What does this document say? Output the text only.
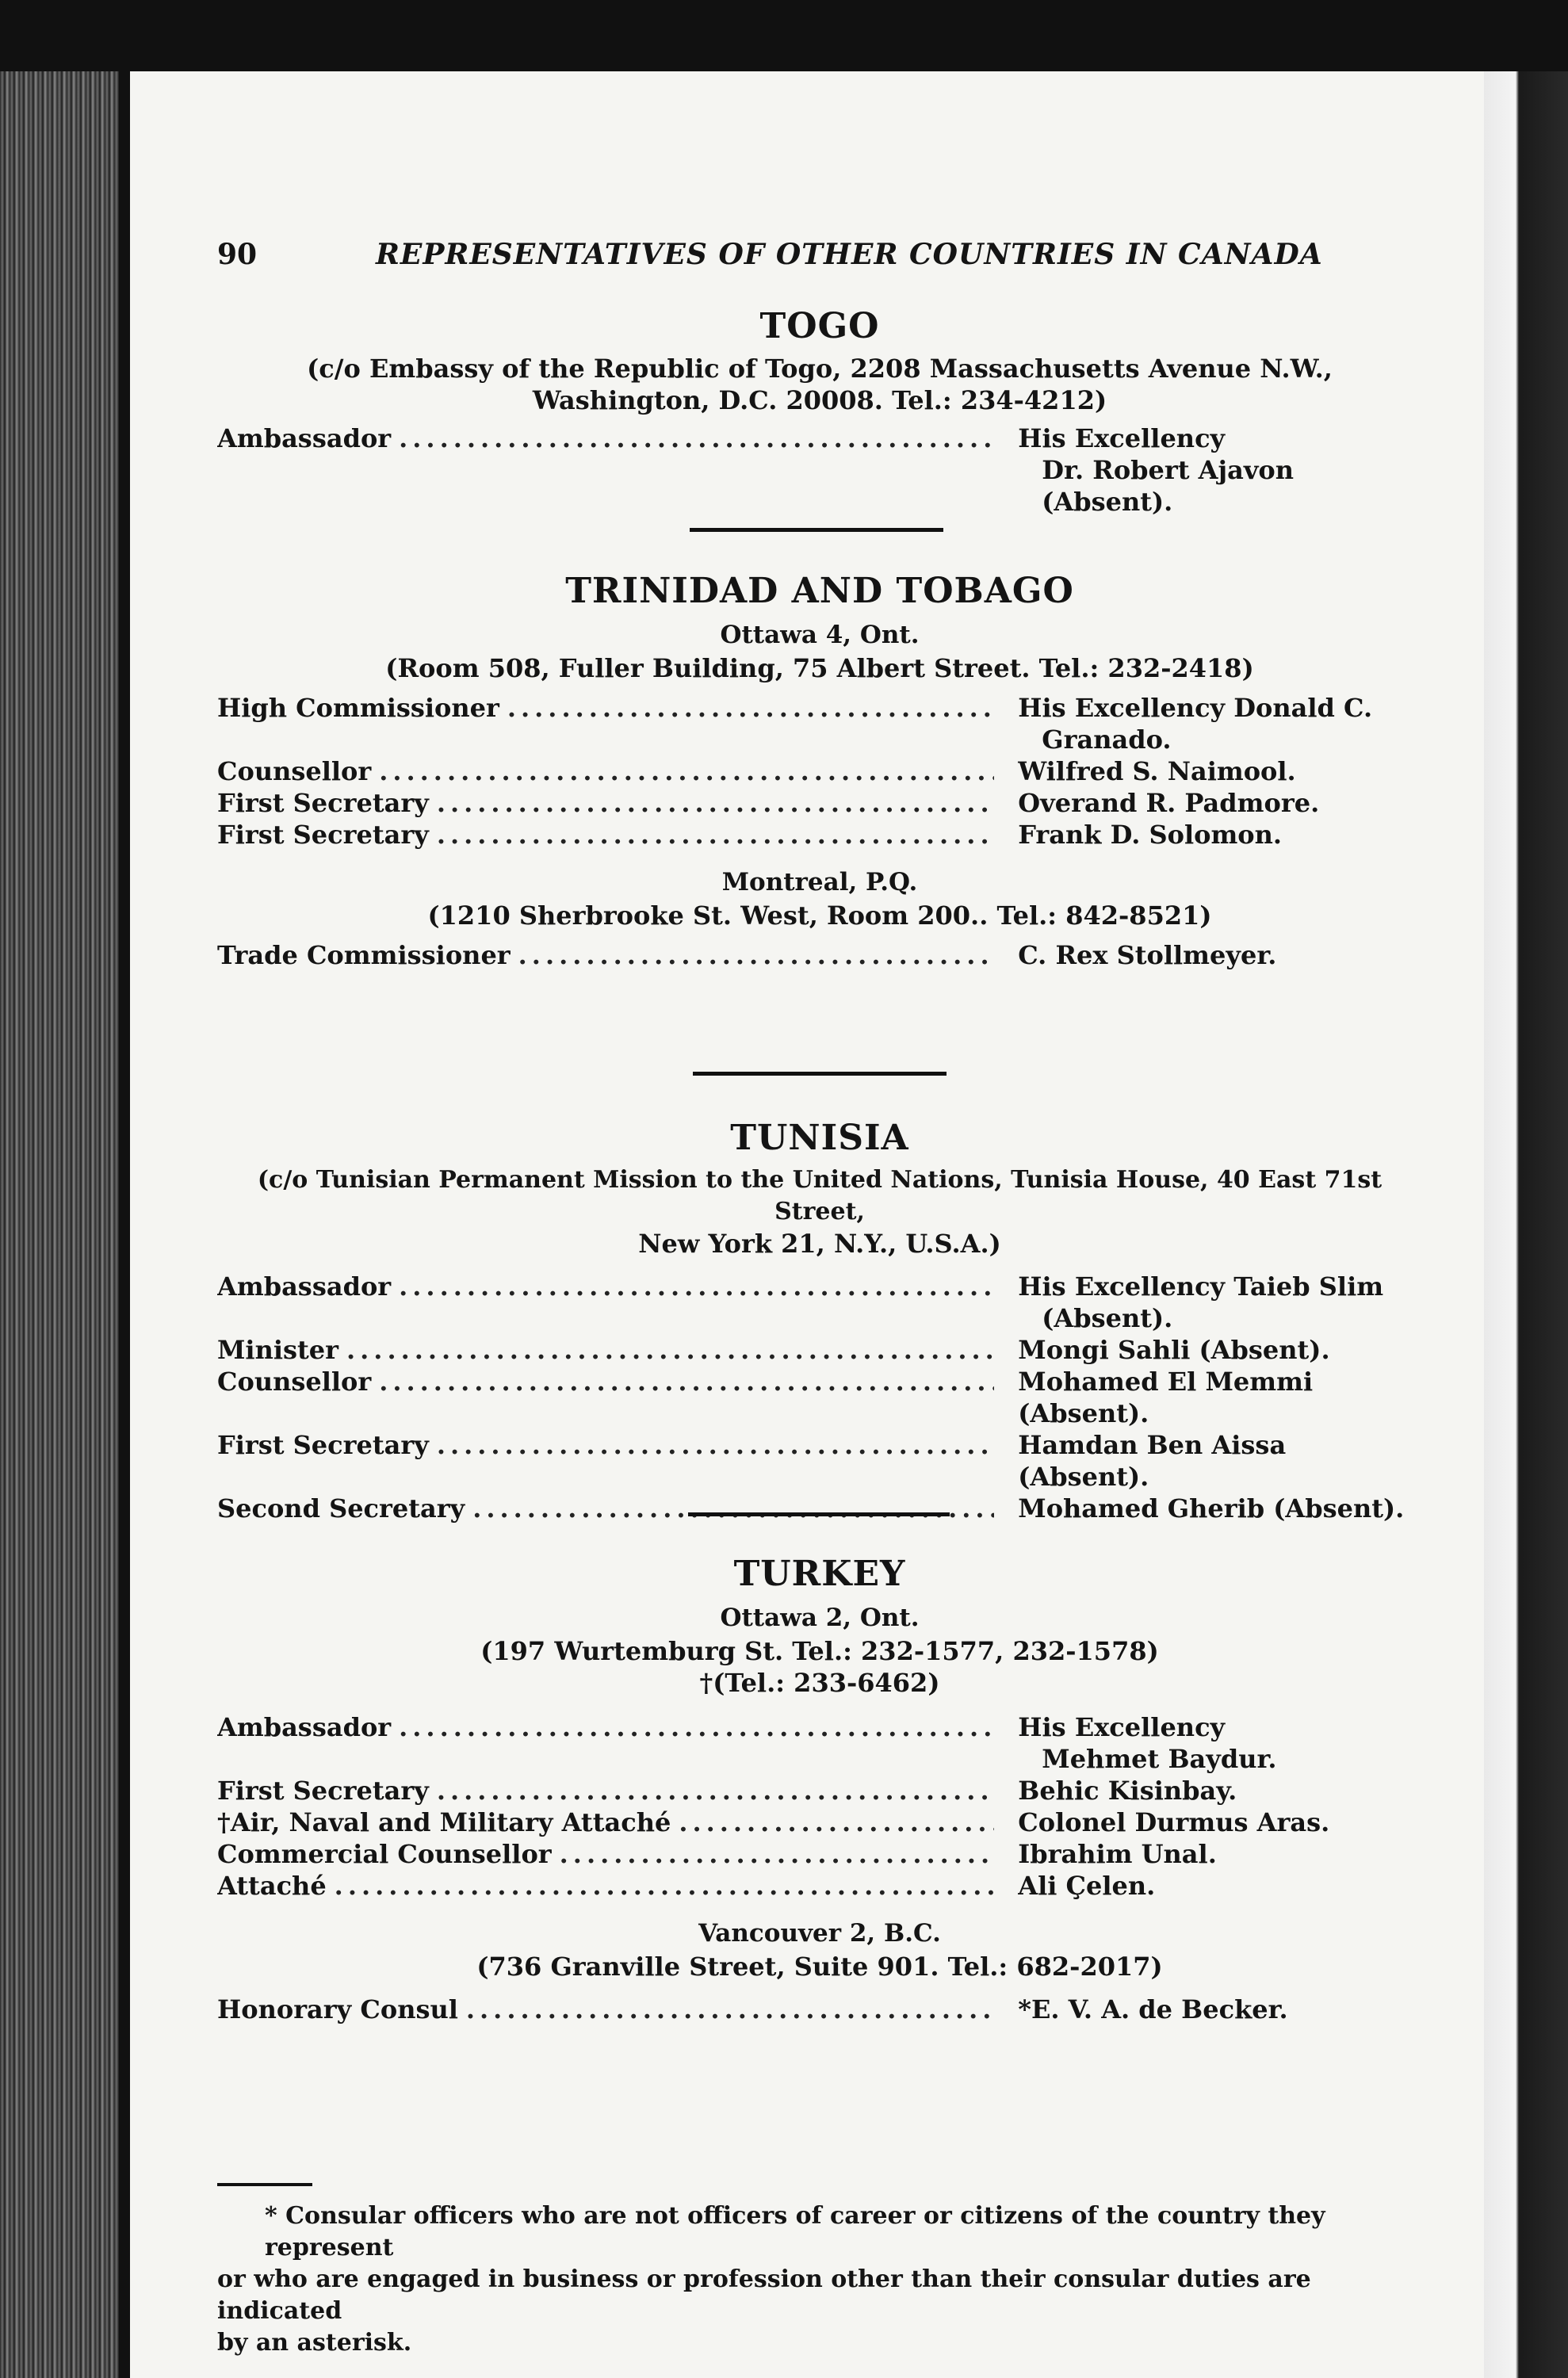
90	REPRESENTATIVES OF OTHER COUNTRIES IN CANADA
TOGO
(c/o Embassy of the Republic of Togo, 2208 Massachusetts Avenue N.W.,
Washington, D.C. 20008. Tel.: 234-4212)
Ambassador .....	His Excellency
Dr. Robert Ajavon (Absent).
TRINIDAD AND TOBAGO
Ottawa 4, Ont.
(Room 508, Fuller Building, 75 Albert Street. Tel.: 232-2418)
High Commissioner .....	His Excellency Donald C.
Granado.
Counsellor .....	Wilfred S. Naimool.
First Secretary .....	Overand R. Padmore.
First Secretary .....	Frank D. Solomon.
Montreal, P.Q.
(1210 Sherbrooke St. West, Room 200.. Tel.: 842-8521)
Trade Commissioner .....	C. Rex Stollmeyer.
TUNISIA
(c/o Tunisian Permanent Mission to the United Nations, Tunisia House, 40 East 71st Street,
New York 21, N.Y., U.S.A.)
Ambassador .....	His Excellency Taieb Slim
(Absent).
Minister .....	Mongi Sahli (Absent).
Counsellor .....	Mohamed El Memmi (Absent).
First Secretary .....	Hamdan Ben Aissa (Absent).
Second Secretary .....	Mohamed Gherib (Absent).
TURKEY
Ottawa 2, Ont.
(197 Wurtemburg St. Tel.: 232-1577, 232-1578)
†(Tel.: 233-6462)
Ambassador .....	His Excellency
Mehmet Baydur.
First Secretary .....	Behic Kisinbay.
†Air, Naval and Military Attaché .....	Colonel Durmus Aras.
Commercial Counsellor .....	Ibrahim Unal.
Attaché .....	Ali Çelen.
Vancouver 2, B.C.
(736 Granville Street, Suite 901. Tel.: 682-2017)
Honorary Consul .....	*E. V. A. de Becker.
* Consular officers who are not officers of career or citizens of the country they represent
or who are engaged in business or profession other than their consular duties are indicated
by an asterisk.
